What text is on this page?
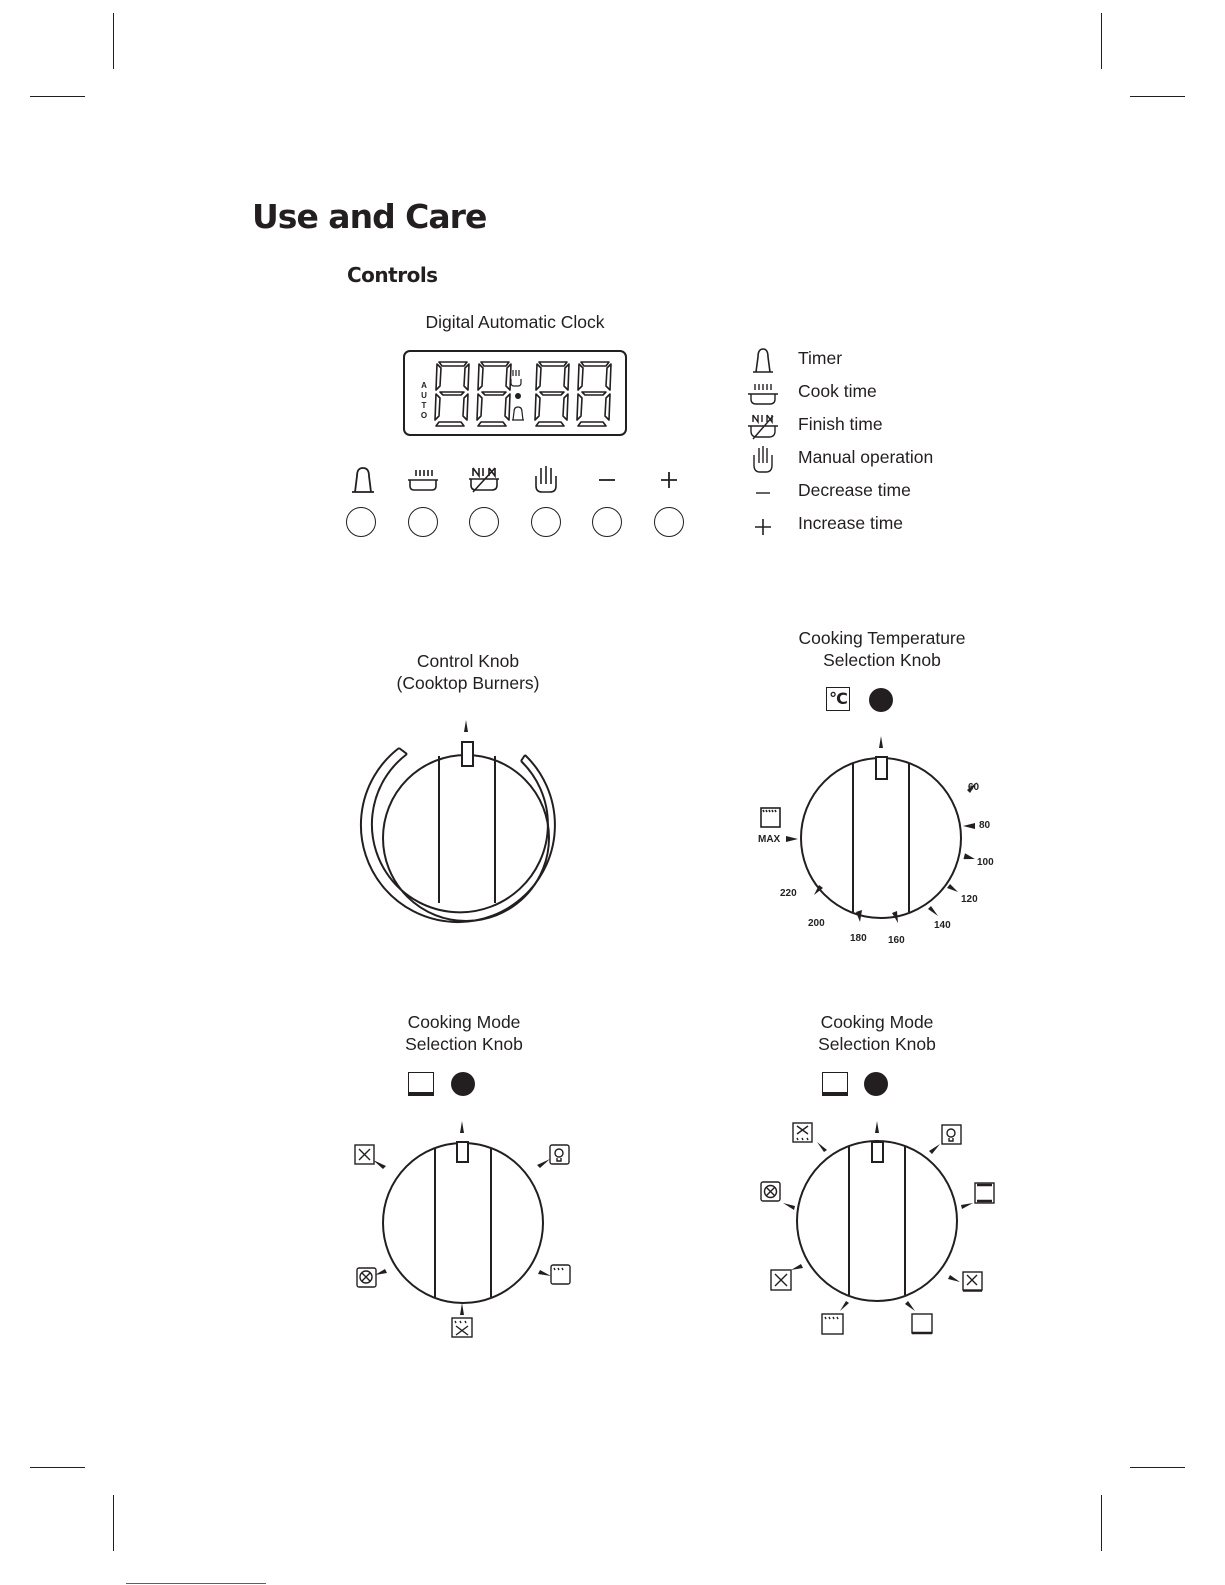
Use and Care
Controls
Digital Automatic Clock
A
U
T
O
Timer
Cook time
Finish time
Manual operation
Decrease time
Increase time
Control Knob
(Cooktop Burners)
Cooking Temperature
Selection Knob
°C
60
80
100
120
140
160
180
200
220
MAX
Cooking Mode
Selection Knob
Cooking Mode
Selection Knob
